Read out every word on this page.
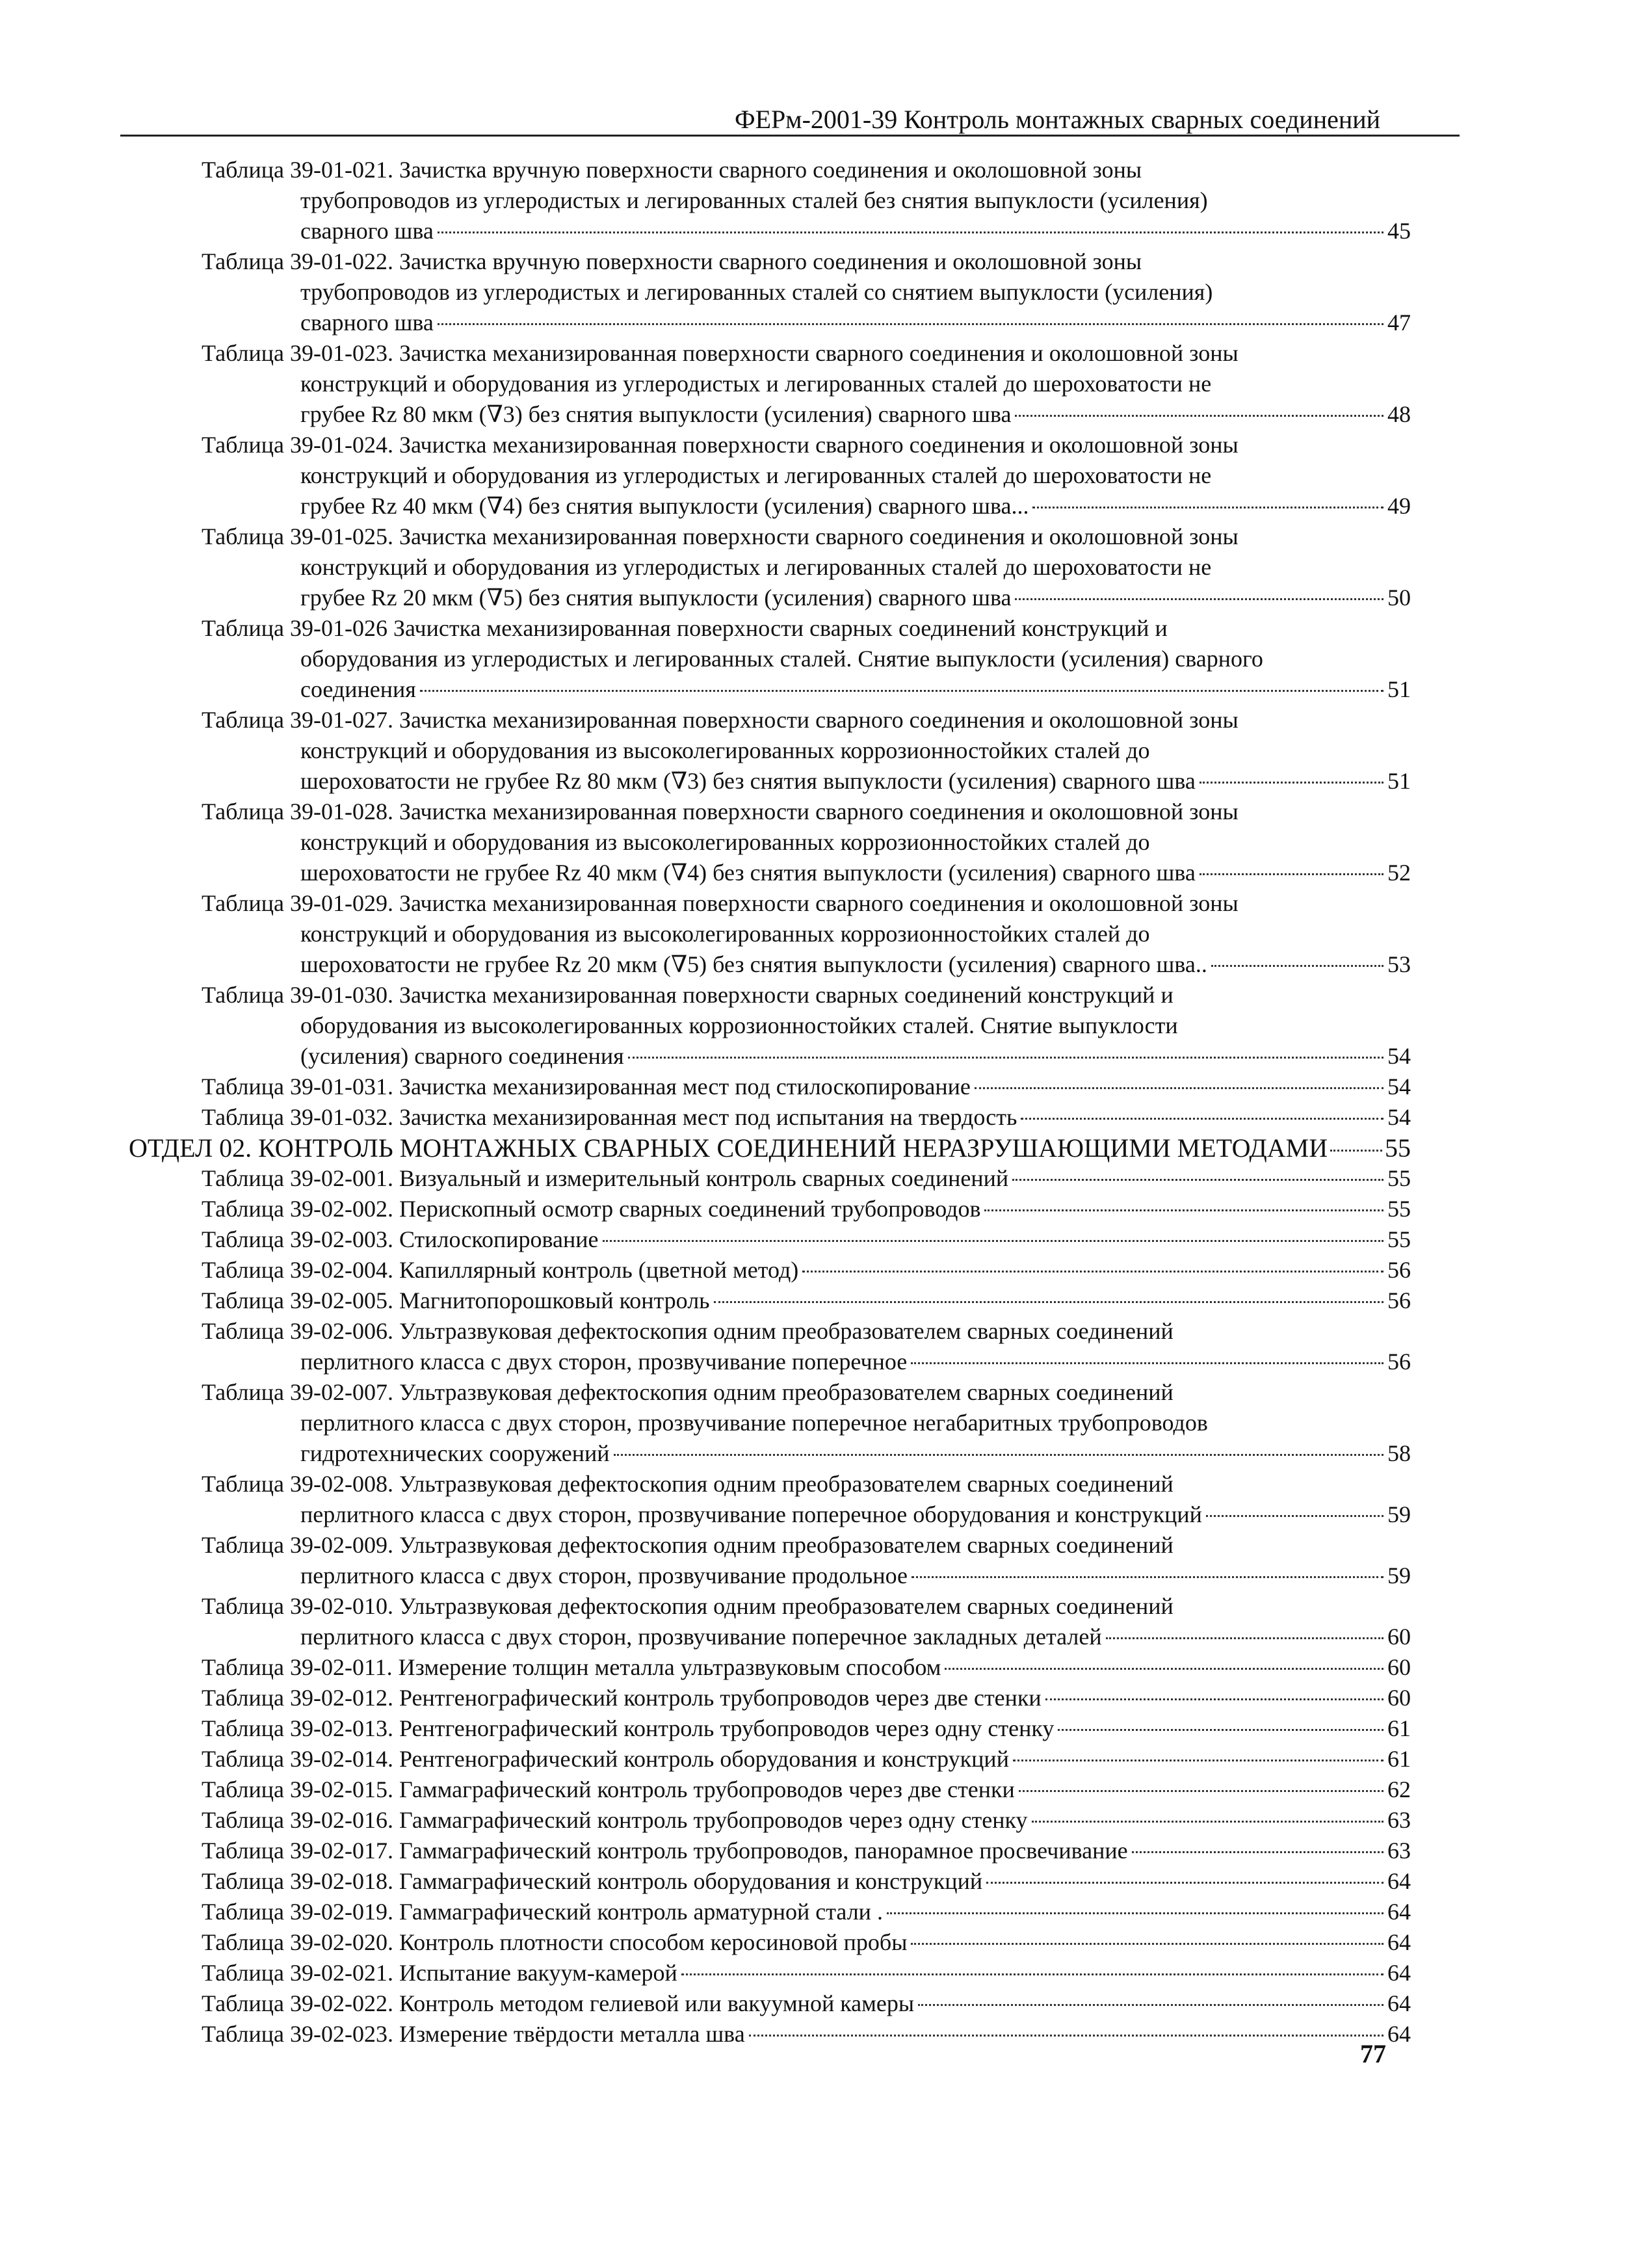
ФЕРм-2001-39 Контроль монтажных сварных соединений
Таблица 39-01-021. Зачистка вручную поверхности сварного соединения и околошовной зоны
трубопроводов из углеродистых и легированных сталей без снятия выпуклости (усиления)
сварного шва	45
Таблица 39-01-022. Зачистка вручную поверхности сварного соединения и околошовной зоны
трубопроводов из углеродистых и легированных сталей со снятием выпуклости (усиления)
сварного шва	47
Таблица 39-01-023. Зачистка механизированная поверхности сварного соединения и околошовной зоны
конструкций и оборудования из углеродистых и легированных сталей до шероховатости не
грубее Rz 80 мкм (∇3) без снятия выпуклости (усиления) сварного шва	48
Таблица 39-01-024. Зачистка механизированная поверхности сварного соединения и околошовной зоны
конструкций и оборудования из углеродистых и легированных сталей до шероховатости не
грубее Rz 40 мкм (∇4) без снятия выпуклости (усиления) сварного шва...	49
Таблица 39-01-025. Зачистка механизированная поверхности сварного соединения и околошовной зоны
конструкций и оборудования из углеродистых и легированных сталей до шероховатости не
грубее Rz 20 мкм (∇5) без снятия выпуклости (усиления) сварного шва	50
Таблица 39-01-026 Зачистка механизированная поверхности сварных соединений конструкций и
оборудования из углеродистых и легированных сталей. Снятие выпуклости (усиления) сварного
соединения	51
Таблица 39-01-027. Зачистка механизированная поверхности сварного соединения и околошовной зоны
конструкций и оборудования из высоколегированных коррозионностойких сталей до
шероховатости не грубее Rz 80 мкм (∇3) без снятия выпуклости (усиления) сварного шва	51
Таблица 39-01-028. Зачистка механизированная поверхности сварного соединения и околошовной зоны
конструкций и оборудования из высоколегированных коррозионностойких сталей до
шероховатости не грубее Rz 40 мкм (∇4) без снятия выпуклости (усиления) сварного шва	52
Таблица 39-01-029. Зачистка механизированная поверхности сварного соединения и околошовной зоны
конструкций и оборудования из высоколегированных коррозионностойких сталей до
шероховатости не грубее Rz 20 мкм (∇5) без снятия выпуклости (усиления) сварного шва..	53
Таблица 39-01-030. Зачистка механизированная поверхности сварных соединений конструкций и
оборудования из высоколегированных коррозионностойких сталей. Снятие выпуклости
(усиления) сварного соединения	54
Таблица 39-01-031. Зачистка механизированная мест под стилоскопирование	54
Таблица 39-01-032. Зачистка механизированная мест под испытания на твердость	54
ОТДЕЛ 02. КОНТРОЛЬ МОНТАЖНЫХ СВАРНЫХ СОЕДИНЕНИЙ НЕРАЗРУШАЮЩИМИ МЕТОДАМИ 55
Таблица 39-02-001. Визуальный и измерительный контроль сварных соединений	55
Таблица 39-02-002. Перископный осмотр сварных соединений трубопроводов	55
Таблица 39-02-003. Стилоскопирование	55
Таблица 39-02-004. Капиллярный контроль (цветной метод)	56
Таблица 39-02-005. Магнитопорошковый контроль	56
Таблица 39-02-006. Ультразвуковая дефектоскопия одним преобразователем сварных соединений
перлитного класса с двух сторон, прозвучивание поперечное	56
Таблица 39-02-007. Ультразвуковая дефектоскопия одним преобразователем сварных соединений
перлитного класса с двух сторон, прозвучивание поперечное негабаритных трубопроводов
гидротехнических сооружений	58
Таблица 39-02-008. Ультразвуковая дефектоскопия одним преобразователем сварных соединений
перлитного класса с двух сторон, прозвучивание поперечное оборудования и конструкций	59
Таблица 39-02-009. Ультразвуковая дефектоскопия одним преобразователем сварных соединений
перлитного класса с двух сторон, прозвучивание продольное	59
Таблица 39-02-010. Ультразвуковая дефектоскопия одним преобразователем сварных соединений
перлитного класса с двух сторон, прозвучивание поперечное закладных деталей	60
Таблица 39-02-011. Измерение толщин металла ультразвуковым способом	60
Таблица 39-02-012. Рентгенографический контроль трубопроводов через две стенки	60
Таблица 39-02-013. Рентгенографический контроль трубопроводов через одну стенку	61
Таблица 39-02-014. Рентгенографический контроль оборудования и конструкций	61
Таблица 39-02-015. Гаммаграфический контроль трубопроводов через две стенки	62
Таблица 39-02-016. Гаммаграфический контроль трубопроводов через одну стенку	63
Таблица 39-02-017. Гаммаграфический контроль трубопроводов, панорамное просвечивание	63
Таблица 39-02-018. Гаммаграфический контроль оборудования и конструкций	64
Таблица 39-02-019. Гаммаграфический контроль арматурной стали .	64
Таблица 39-02-020. Контроль плотности способом керосиновой пробы	64
Таблица 39-02-021. Испытание вакуум-камерой	64
Таблица 39-02-022. Контроль методом гелиевой или вакуумной камеры	64
Таблица 39-02-023. Измерение твёрдости металла шва	64
77
